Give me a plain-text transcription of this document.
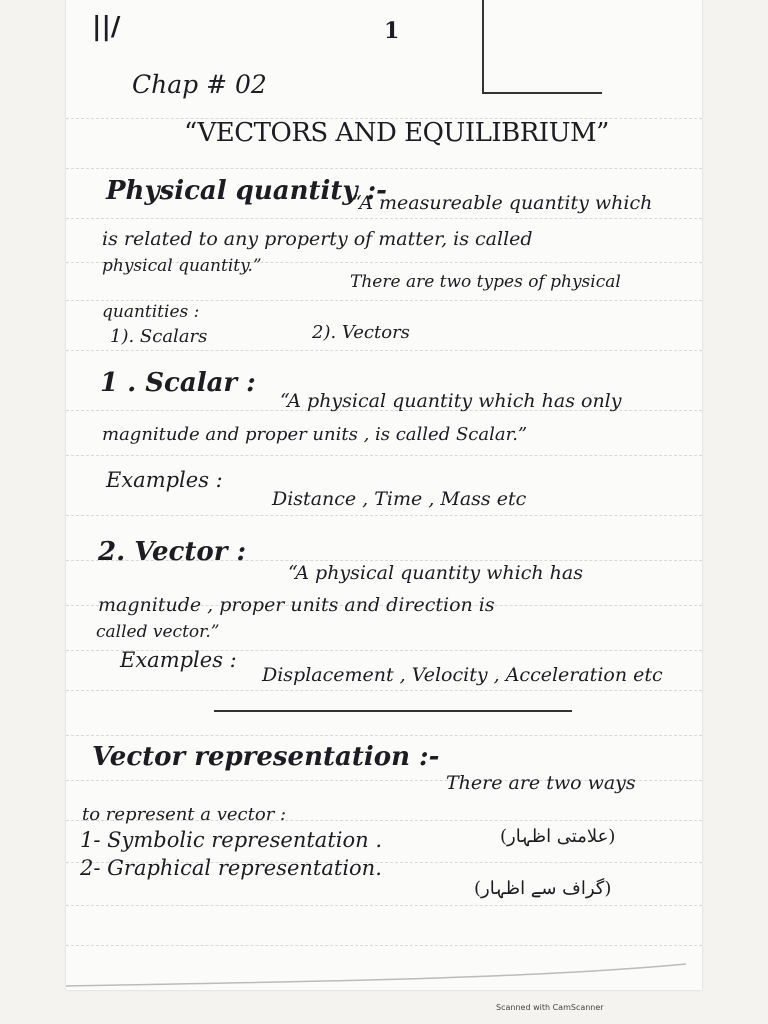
||/	1
Chap # 02
“VECTORS AND EQUILIBRIUM”
Physical quantity :-
“A measureable quantity which
is related to any property of matter, is called
physical quantity.”
There are two types of physical
quantities :
1). Scalars	2). Vectors
1 . Scalar :
“A physical quantity which has only
magnitude and proper units , is called Scalar.”
Examples :
Distance , Time , Mass etc
2. Vector :
“A physical quantity which has
magnitude , proper units and direction is
called vector.”
Examples :
Displacement , Velocity , Acceleration etc
Vector representation :-
There are two ways
to represent a vector :
1- Symbolic representation .	(علامتی اظہار)
2- Graphical representation.
(گراف سے اظہار)
Scanned with CamScanner
